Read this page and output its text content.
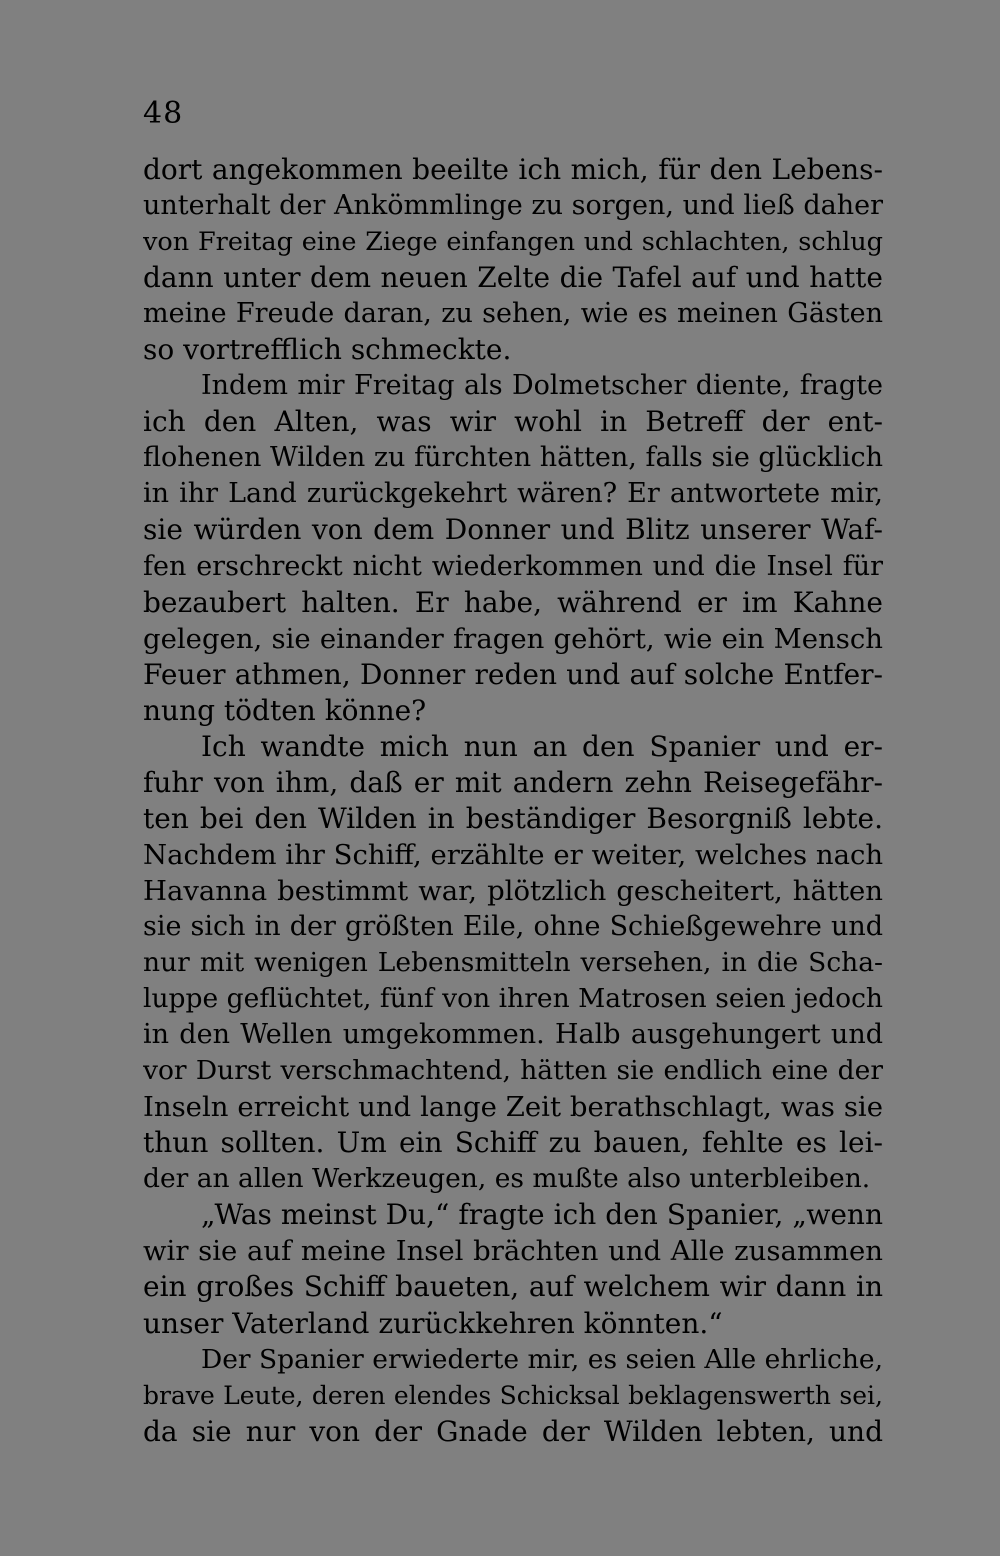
48
dort angekommen beeilte ich mich, für den Lebens-
unterhalt der Ankömmlinge zu sorgen, und ließ daher
von Freitag eine Ziege einfangen und schlachten, schlug
dann unter dem neuen Zelte die Tafel auf und hatte
meine Freude daran, zu sehen, wie es meinen Gästen
so vortrefflich schmeckte.
Indem mir Freitag als Dolmetscher diente, fragte
ich den Alten, was wir wohl in Betreff der ent-
flohenen Wilden zu fürchten hätten, falls sie glücklich
in ihr Land zurückgekehrt wären? Er antwortete mir,
sie würden von dem Donner und Blitz unserer Waf-
fen erschreckt nicht wiederkommen und die Insel für
bezaubert halten. Er habe, während er im Kahne
gelegen, sie einander fragen gehört, wie ein Mensch
Feuer athmen, Donner reden und auf solche Entfer-
nung tödten könne?
Ich wandte mich nun an den Spanier und er-
fuhr von ihm, daß er mit andern zehn Reisegefähr-
ten bei den Wilden in beständiger Besorgniß lebte.
Nachdem ihr Schiff, erzählte er weiter, welches nach
Havanna bestimmt war, plötzlich gescheitert, hätten
sie sich in der größten Eile, ohne Schießgewehre und
nur mit wenigen Lebensmitteln versehen, in die Scha-
luppe geflüchtet, fünf von ihren Matrosen seien jedoch
in den Wellen umgekommen. Halb ausgehungert und
vor Durst verschmachtend, hätten sie endlich eine der
Inseln erreicht und lange Zeit berathschlagt, was sie
thun sollten. Um ein Schiff zu bauen, fehlte es lei-
der an allen Werkzeugen, es mußte also unterbleiben.
„Was meinst Du,“ fragte ich den Spanier, „wenn
wir sie auf meine Insel brächten und Alle zusammen
ein großes Schiff baueten, auf welchem wir dann in
unser Vaterland zurückkehren könnten.“
Der Spanier erwiederte mir, es seien Alle ehrliche,
brave Leute, deren elendes Schicksal beklagenswerth sei,
da sie nur von der Gnade der Wilden lebten, und
